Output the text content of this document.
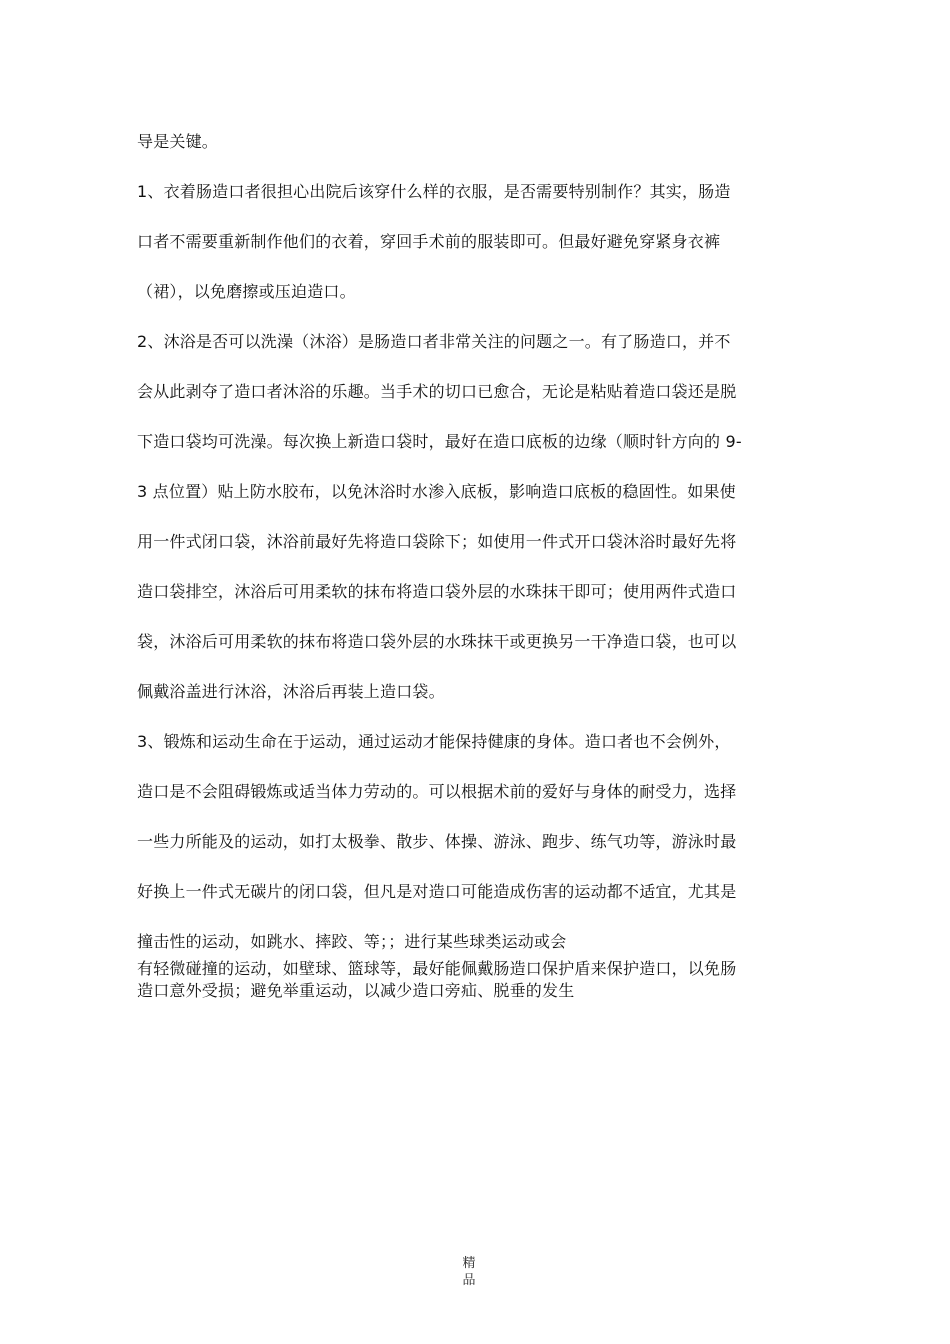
导是关键。
1、衣着肠造口者很担心出院后该穿什么样的衣服，是否需要特别制作？其实，肠造
口者不需要重新制作他们的衣着，穿回手术前的服装即可。但最好避免穿紧身衣裤
（裙），以免磨擦或压迫造口。
2、沐浴是否可以洗澡（沐浴）是肠造口者非常关注的问题之一。有了肠造口，并不
会从此剥夺了造口者沐浴的乐趣。当手术的切口已愈合，无论是粘贴着造口袋还是脱
下造口袋均可洗澡。每次换上新造口袋时，最好在造口底板的边缘（顺时针方向的 9-
3 点位置）贴上防水胶布，以免沐浴时水渗入底板，影响造口底板的稳固性。如果使
用一件式闭口袋，沐浴前最好先将造口袋除下；如使用一件式开口袋沐浴时最好先将
造口袋排空，沐浴后可用柔软的抹布将造口袋外层的水珠抹干即可；使用两件式造口
袋，沐浴后可用柔软的抹布将造口袋外层的水珠抹干或更换另一干净造口袋，也可以
佩戴浴盖进行沐浴，沐浴后再装上造口袋。
3、锻炼和运动生命在于运动，通过运动才能保持健康的身体。造口者也不会例外，
造口是不会阻碍锻炼或适当体力劳动的。可以根据术前的爱好与身体的耐受力，选择
一些力所能及的运动，如打太极拳、散步、体操、游泳、跑步、练气功等，游泳时最
好换上一件式无碳片的闭口袋，但凡是对造口可能造成伤害的运动都不适宜，尤其是
撞击性的运动，如跳水、摔跤、等；；进行某些球类运动或会
有轻微碰撞的运动，如壁球、篮球等，最好能佩戴肠造口保护盾来保护造口，以免肠
造口意外受损；避免举重运动，以减少造口旁疝、脱垂的发生
精
品
